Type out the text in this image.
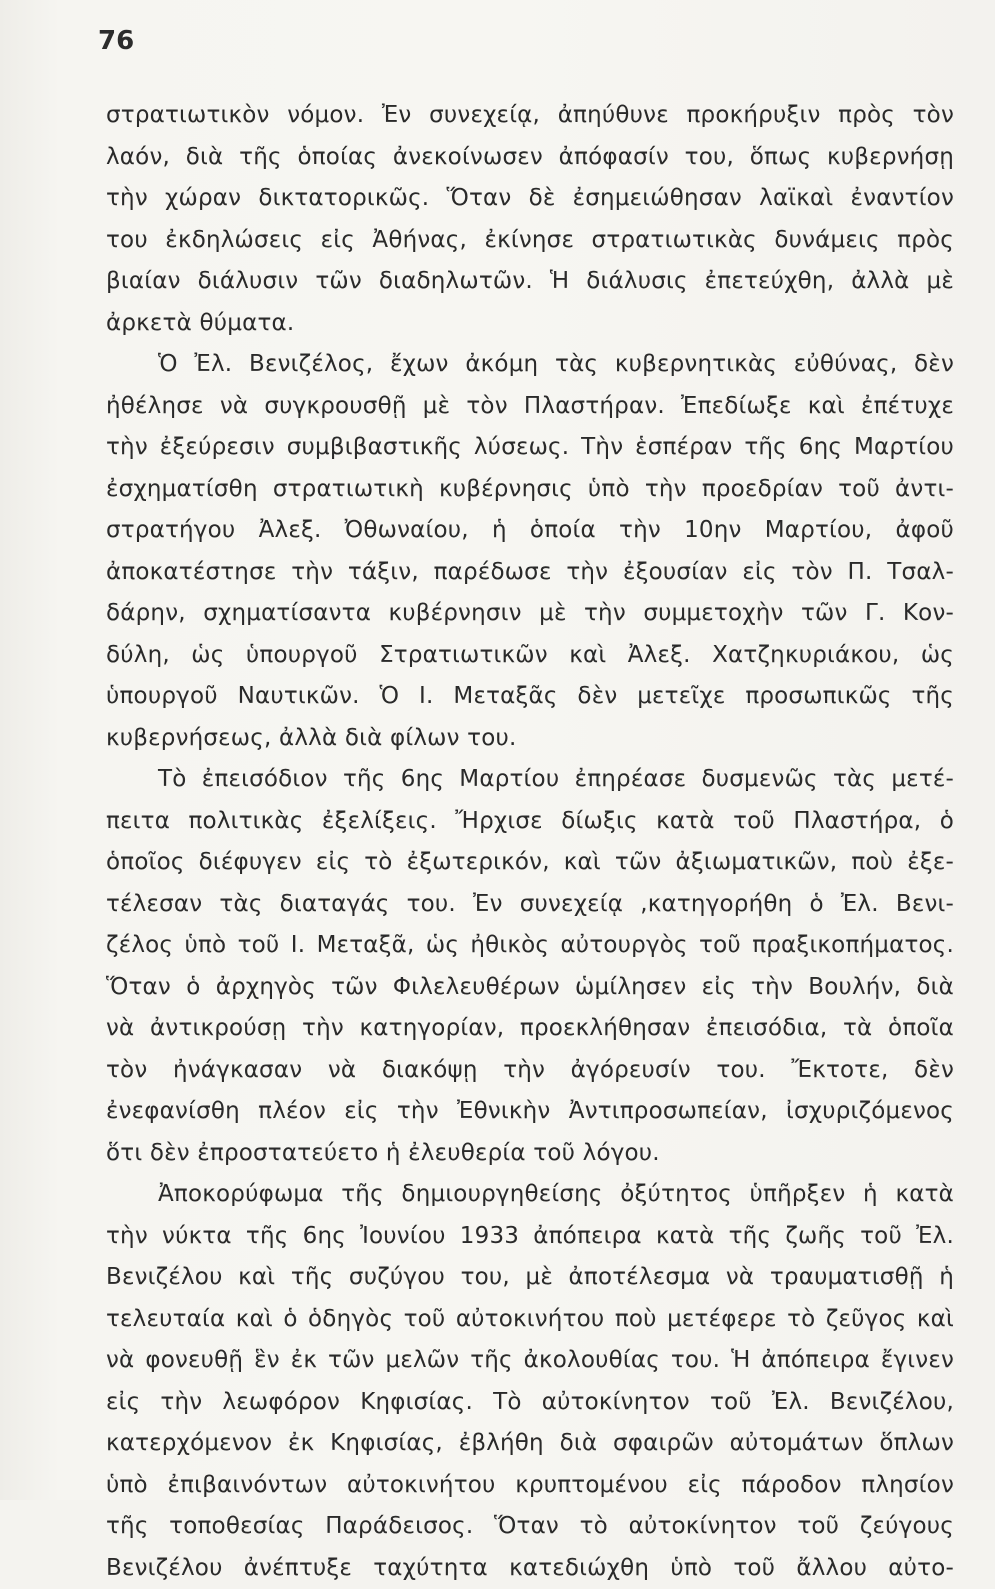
76
στρατιωτικὸν νόμον. Ἐν συνεχείᾳ, ἀπηύθυνε προκήρυξιν πρὸς τὸν
λαόν, διὰ τῆς ὁποίας ἀνεκοίνωσεν ἀπόφασίν του, ὅπως κυβερνήσῃ
τὴν χώραν δικτατορικῶς. Ὅταν δὲ ἐσημειώθησαν λαϊκαὶ ἐναντίον
του ἐκδηλώσεις εἰς Ἀθήνας, ἐκίνησε στρατιωτικὰς δυνάμεις πρὸς
βιαίαν διάλυσιν τῶν διαδηλωτῶν. Ἡ διάλυσις ἐπετεύχθη, ἀλλὰ μὲ
ἀρκετὰ θύματα.
Ὁ Ἐλ. Βενιζέλος, ἔχων ἀκόμη τὰς κυβερνητικὰς εὐθύνας, δὲν
ἠθέλησε νὰ συγκρουσθῇ μὲ τὸν Πλαστήραν. Ἐπεδίωξε καὶ ἐπέτυχε
τὴν ἐξεύρεσιν συμβιβαστικῆς λύσεως. Τὴν ἑσπέραν τῆς 6ης Μαρτίου
ἐσχηματίσθη στρατιωτικὴ κυβέρνησις ὑπὸ τὴν προεδρίαν τοῦ ἀντι-
στρατήγου Ἀλεξ. Ὀθωναίου, ἡ ὁποία τὴν 10ην Μαρτίου, ἀφοῦ
ἀποκατέστησε τὴν τάξιν, παρέδωσε τὴν ἐξουσίαν εἰς τὸν Π. Τσαλ-
δάρην, σχηματίσαντα κυβέρνησιν μὲ τὴν συμμετοχὴν τῶν Γ. Κον-
δύλη, ὡς ὑπουργοῦ Στρατιωτικῶν καὶ Ἀλεξ. Χατζηκυριάκου, ὡς
ὑπουργοῦ Ναυτικῶν. Ὁ Ι. Μεταξᾶς δὲν μετεῖχε προσωπικῶς τῆς
κυβερνήσεως, ἀλλὰ διὰ φίλων του.
Τὸ ἐπεισόδιον τῆς 6ης Μαρτίου ἐπηρέασε δυσμενῶς τὰς μετέ-
πειτα πολιτικὰς ἐξελίξεις. Ἤρχισε δίωξις κατὰ τοῦ Πλαστήρα, ὁ
ὁποῖος διέφυγεν εἰς τὸ ἐξωτερικόν, καὶ τῶν ἀξιωματικῶν, ποὺ ἐξε-
τέλεσαν τὰς διαταγάς του. Ἐν συνεχείᾳ ,κατηγορήθη ὁ Ἐλ. Βενι-
ζέλος ὑπὸ τοῦ Ι. Μεταξᾶ, ὡς ἠθικὸς αὐτουργὸς τοῦ πραξικοπήματος.
Ὅταν ὁ ἀρχηγὸς τῶν Φιλελευθέρων ὡμίλησεν εἰς τὴν Βουλήν, διὰ
νὰ ἀντικρούσῃ τὴν κατηγορίαν, προεκλήθησαν ἐπεισόδια, τὰ ὁποῖα
τὸν ἠνάγκασαν νὰ διακόψῃ τὴν ἀγόρευσίν του. Ἔκτοτε, δὲν
ἐνεφανίσθη πλέον εἰς τὴν Ἐθνικὴν Ἀντιπροσωπείαν, ἰσχυριζόμενος
ὅτι δὲν ἐπροστατεύετο ἡ ἐλευθερία τοῦ λόγου.
Ἀποκορύφωμα τῆς δημιουργηθείσης ὀξύτητος ὑπῆρξεν ἡ κατὰ
τὴν νύκτα τῆς 6ης Ἰουνίου 1933 ἀπόπειρα κατὰ τῆς ζωῆς τοῦ Ἐλ.
Βενιζέλου καὶ τῆς συζύγου του, μὲ ἀποτέλεσμα νὰ τραυματισθῇ ἡ
τελευταία καὶ ὁ ὁδηγὸς τοῦ αὐτοκινήτου ποὺ μετέφερε τὸ ζεῦγος καὶ
νὰ φονευθῇ ἓν ἐκ τῶν μελῶν τῆς ἀκολουθίας του. Ἡ ἀπόπειρα ἔγινεν
εἰς τὴν λεωφόρον Κηφισίας. Τὸ αὐτοκίνητον τοῦ Ἐλ. Βενιζέλου,
κατερχόμενον ἐκ Κηφισίας, ἐβλήθη διὰ σφαιρῶν αὐτομάτων ὅπλων
ὑπὸ ἐπιβαινόντων αὐτοκινήτου κρυπτομένου εἰς πάροδον πλησίον
τῆς τοποθεσίας Παράδεισος. Ὅταν τὸ αὐτοκίνητον τοῦ ζεύγους
Βενιζέλου ἀνέπτυξε ταχύτητα κατεδιώχθη ὑπὸ τοῦ ἄλλου αὐτο-
